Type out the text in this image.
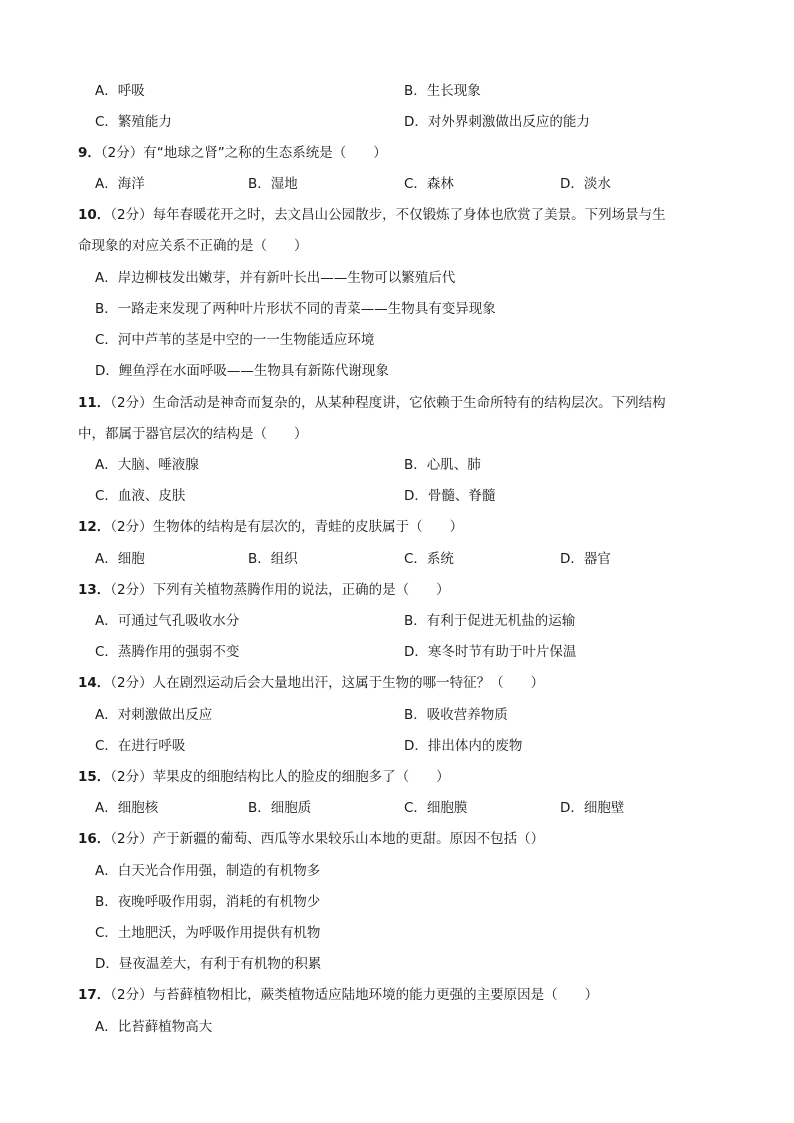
A．呼吸	B．生长现象
C．繁殖能力	D．对外界刺激做出反应的能力
9．（2分）有“地球之肾”之称的生态系统是（　　）
A．海洋	B．湿地	C．森林	D．淡水
10．（2分）每年春暖花开之时，去文昌山公园散步，不仅锻炼了身体也欣赏了美景。下列场景与生
命现象的对应关系不正确的是（　　）
A．岸边柳枝发出嫩芽，并有新叶长出——生物可以繁殖后代
B．一路走来发现了两种叶片形状不同的青菜——生物具有变异现象
C．河中芦苇的茎是中空的一一生物能适应环境
D．鲤鱼浮在水面呼吸——生物具有新陈代谢现象
11．（2分）生命活动是神奇而复杂的，从某种程度讲，它依赖于生命所特有的结构层次。下列结构
中，都属于器官层次的结构是（　　）
A．大脑、唾液腺	B．心肌、肺
C．血液、皮肤	D．骨髓、脊髓
12．（2分）生物体的结构是有层次的，青蛙的皮肤属于（　　）
A．细胞	B．组织	C．系统	D．器官
13．（2分）下列有关植物蒸腾作用的说法，正确的是（　　）
A．可通过气孔吸收水分	B．有利于促进无机盐的运输
C．蒸腾作用的强弱不变	D．寒冬时节有助于叶片保温
14．（2分）人在剧烈运动后会大量地出汗，这属于生物的哪一特征？（　　）
A．对刺激做出反应	B．吸收营养物质
C．在进行呼吸	D．排出体内的废物
15．（2分）苹果皮的细胞结构比人的脸皮的细胞多了（　　）
A．细胞核	B．细胞质	C．细胞膜	D．细胞壁
16．（2分）产于新疆的葡萄、西瓜等水果较乐山本地的更甜。原因不包括（）
A．白天光合作用强，制造的有机物多
B．夜晚呼吸作用弱，消耗的有机物少
C．土地肥沃，为呼吸作用提供有机物
D．昼夜温差大，有利于有机物的积累
17．（2分）与苔藓植物相比，蕨类植物适应陆地环境的能力更强的主要原因是（　　）
A．比苔藓植物高大
